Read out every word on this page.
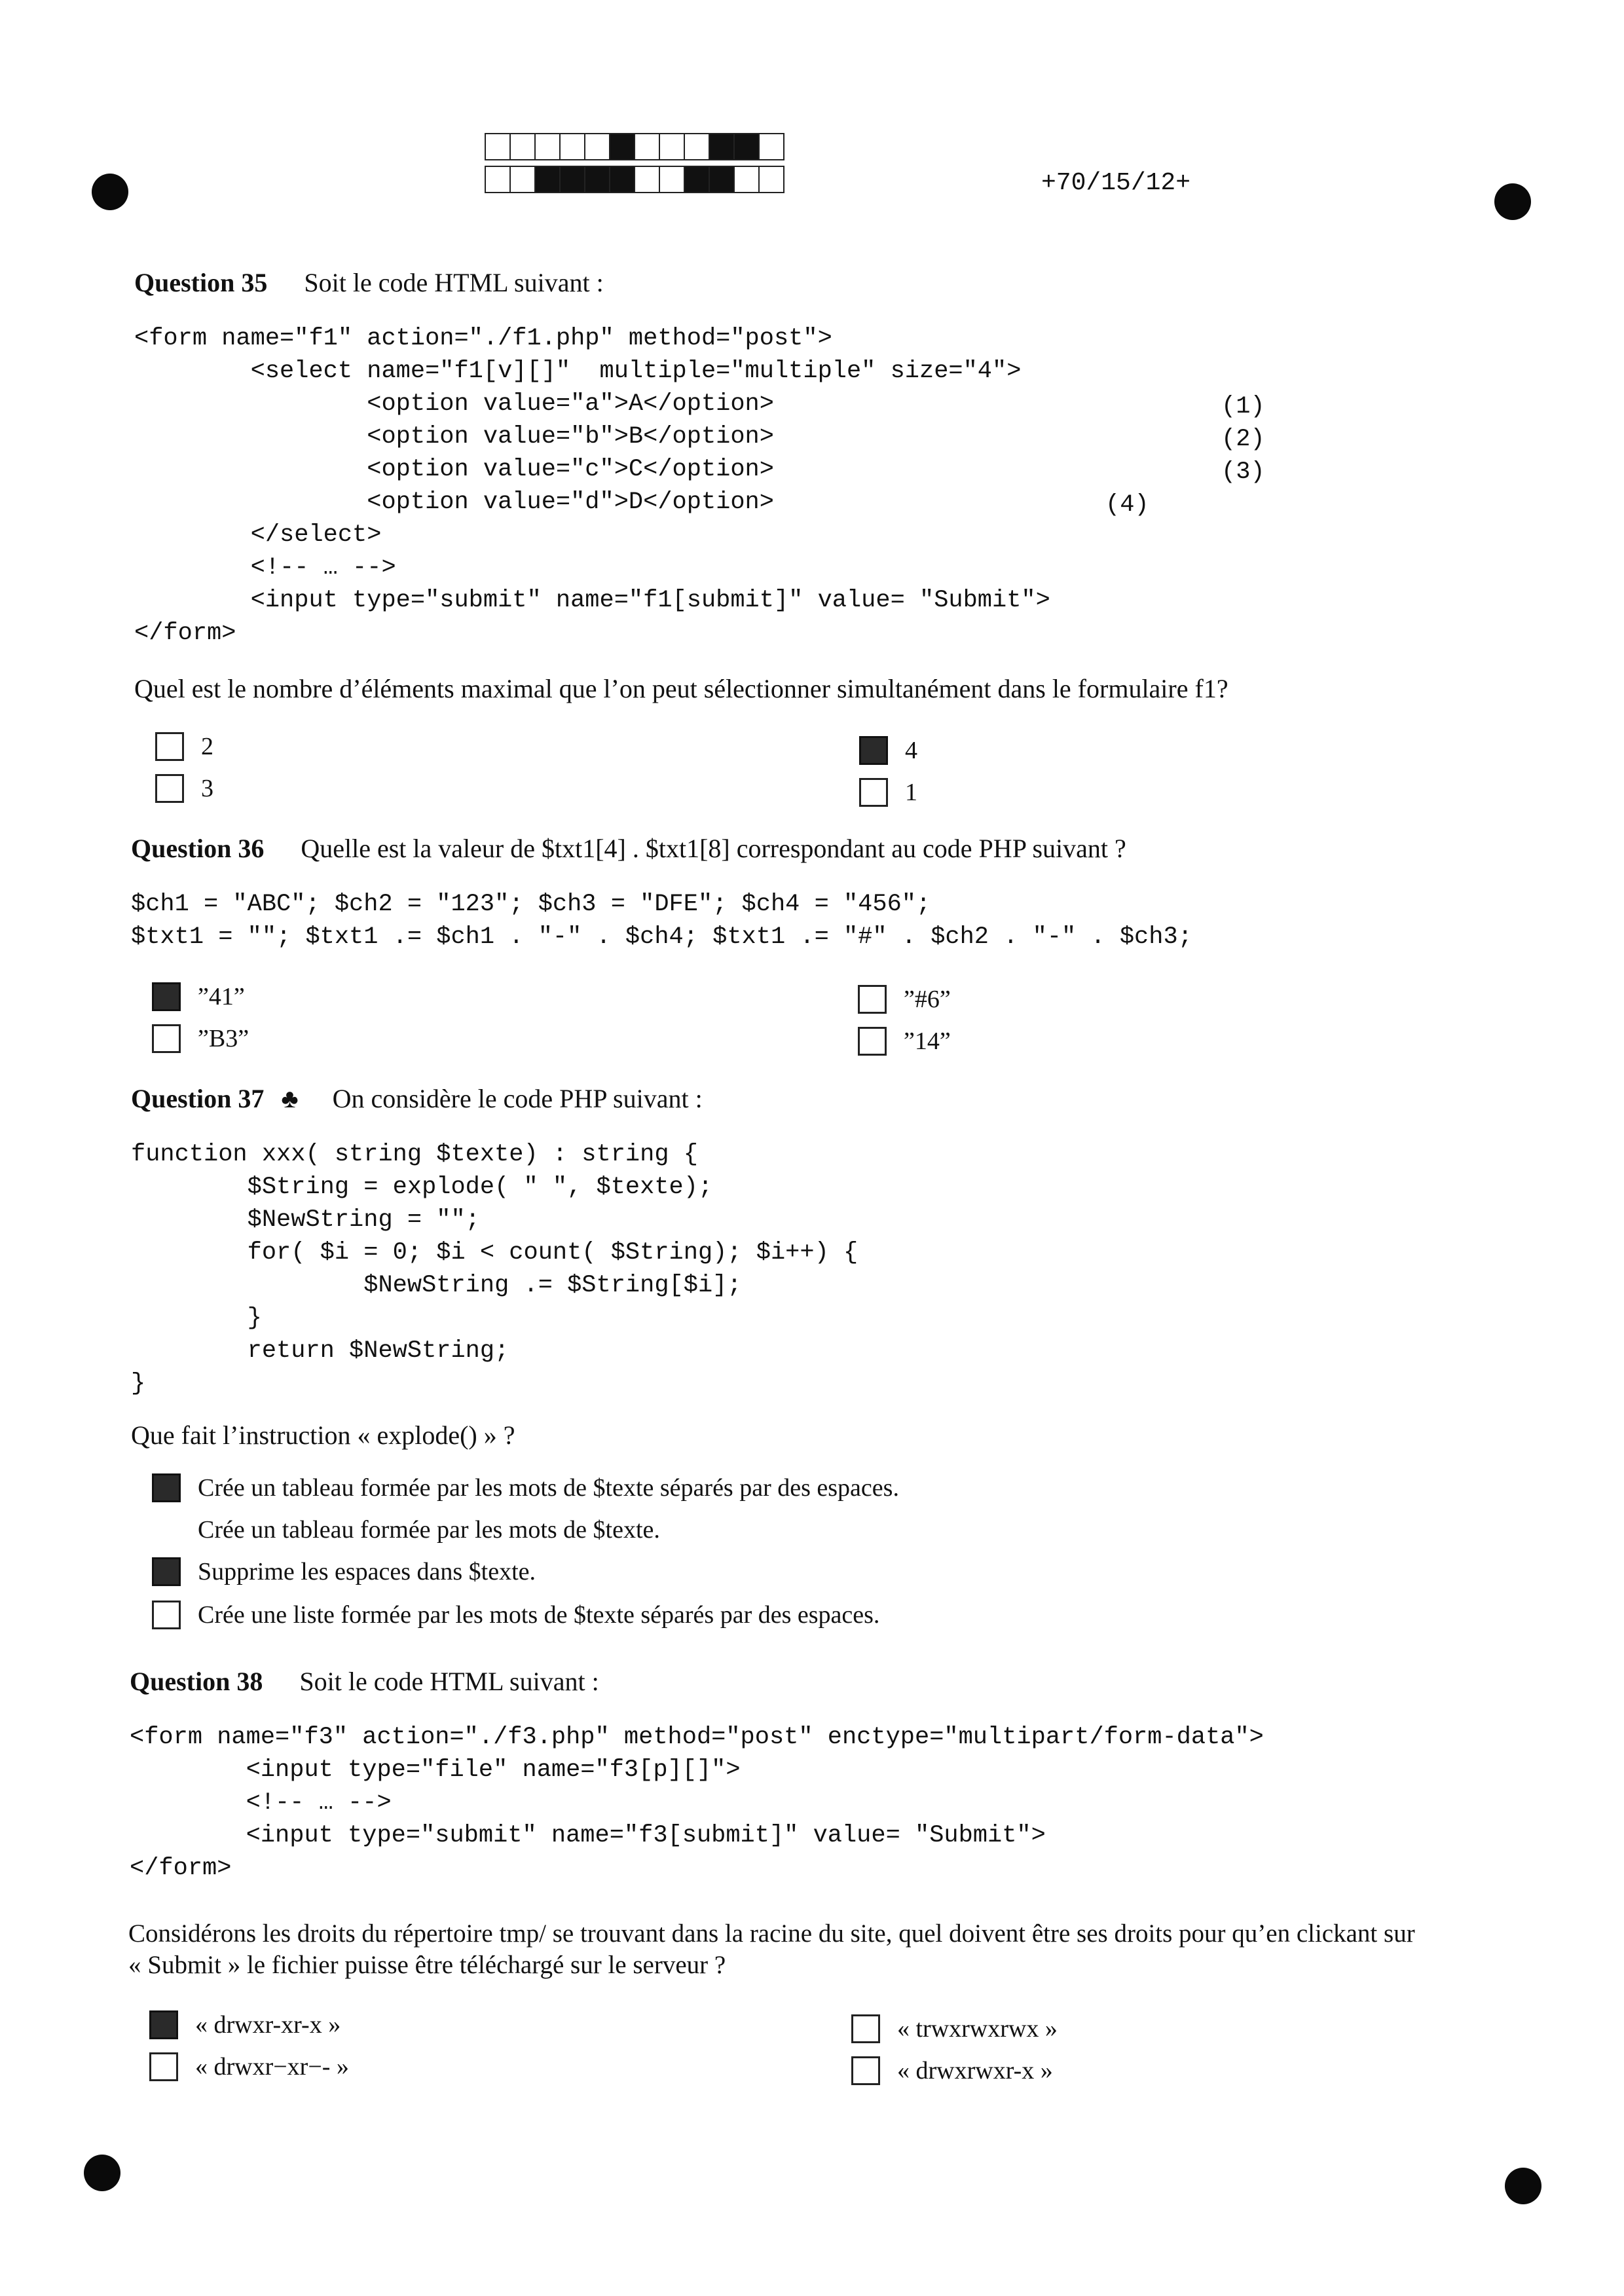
+70/15/12+
Question 35 Soit le code HTML suivant :
<form name="f1" action="./f1.php" method="post">
<select name="f1[v][]"  multiple="multiple" size="4">
<option value="a">A</option>
<option value="b">B</option>
<option value="c">C</option>
<option value="d">D</option>
</select>
<!-- … -->
<input type="submit" name="f1[submit]" value= "Submit">
</form>
(1)
(2)
(3)
(4)
Quel est le nombre d’éléments maximal que l’on peut sélectionner simultanément dans le formulaire f1?
2
3
4
1
Question 36 Quelle est la valeur de $txt1[4] . $txt1[8] correspondant au code PHP suivant ?
$ch1 = "ABC"; $ch2 = "123"; $ch3 = "DFE"; $ch4 = "456";
$txt1 = ""; $txt1 .= $ch1 . "-" . $ch4; $txt1 .= "#" . $ch2 . "-" . $ch3;
”41”
”B3”
”#6”
”14”
Question 37 ♣ On considère le code PHP suivant :
function xxx( string $texte) : string {
$String = explode( " ", $texte);
$NewString = "";
for( $i = 0; $i < count( $String); $i++) {
$NewString .= $String[$i];
}
return $NewString;
}
Que fait l’instruction « explode() » ?
Crée un tableau formée par les mots de $texte séparés par des espaces.
Crée un tableau formée par les mots de $texte.
Supprime les espaces dans $texte.
Crée une liste formée par les mots de $texte séparés par des espaces.
Question 38 Soit le code HTML suivant :
<form name="f3" action="./f3.php" method="post" enctype="multipart/form-data">
<input type="file" name="f3[p][]">
<!-- … -->
<input type="submit" name="f3[submit]" value= "Submit">
</form>
Considérons les droits du répertoire tmp/ se trouvant dans la racine du site, quel doivent être ses droits pour qu’en clickant sur
« Submit » le fichier puisse être téléchargé sur le serveur ?
« drwxr-xr-x »
« drwxr−xr−- »
« trwxrwxrwx »
« drwxrwxr-x »
